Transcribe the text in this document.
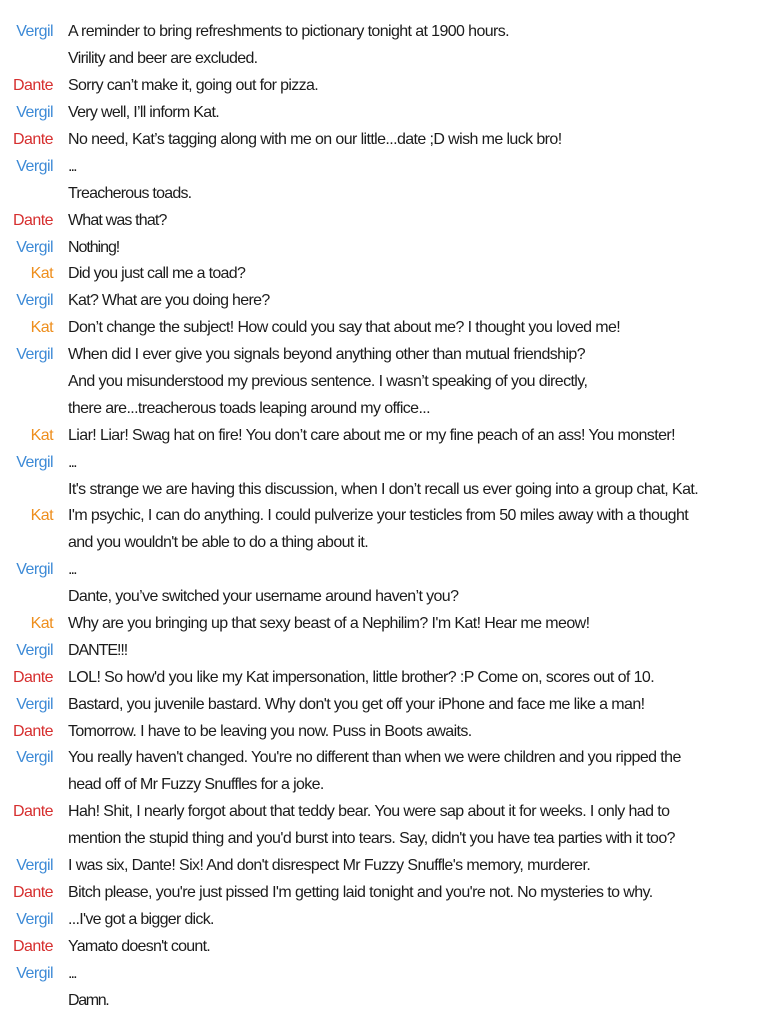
Vergil A reminder to bring refreshments to pictionary tonight at 1900 hours.
Virility and beer are excluded.
Dante Sorry can’t make it, going out for pizza.
Vergil Very well, I’ll inform Kat.
Dante No need, Kat’s tagging along with me on our little...date ;D wish me luck bro!
Vergil ...
Treacherous toads.
Dante What was that?
Vergil Nothing!
Kat Did you just call me a toad?
Vergil Kat? What are you doing here?
Kat Don’t change the subject! How could you say that about me? I thought you loved me!
Vergil When did I ever give you signals beyond anything other than mutual friendship?
And you misunderstood my previous sentence. I wasn’t speaking of you directly,
there are...treacherous toads leaping around my office...
Kat Liar! Liar! Swag hat on fire! You don’t care about me or my fine peach of an ass! You monster!
Vergil ...
It's strange we are having this discussion, when I don’t recall us ever going into a group chat, Kat.
Kat I'm psychic, I can do anything. I could pulverize your testicles from 50 miles away with a thought
and you wouldn't be able to do a thing about it.
Vergil ...
Dante, you’ve switched your username around haven’t you?
Kat Why are you bringing up that sexy beast of a Nephilim? I'm Kat! Hear me meow!
Vergil DANTE!!!
Dante LOL! So how'd you like my Kat impersonation, little brother? :P Come on, scores out of 10.
Vergil Bastard, you juvenile bastard. Why don't you get off your iPhone and face me like a man!
Dante Tomorrow. I have to be leaving you now. Puss in Boots awaits.
Vergil You really haven't changed. You're no different than when we were children and you ripped the
head off of Mr Fuzzy Snuffles for a joke.
Dante Hah! Shit, I nearly forgot about that teddy bear. You were sap about it for weeks. I only had to
mention the stupid thing and you'd burst into tears. Say, didn't you have tea parties with it too?
Vergil I was six, Dante! Six! And don't disrespect Mr Fuzzy Snuffle's memory, murderer.
Dante Bitch please, you're just pissed I'm getting laid tonight and you're not. No mysteries to why.
Vergil ...I've got a bigger dick.
Dante Yamato doesn't count.
Vergil ...
Damn.
